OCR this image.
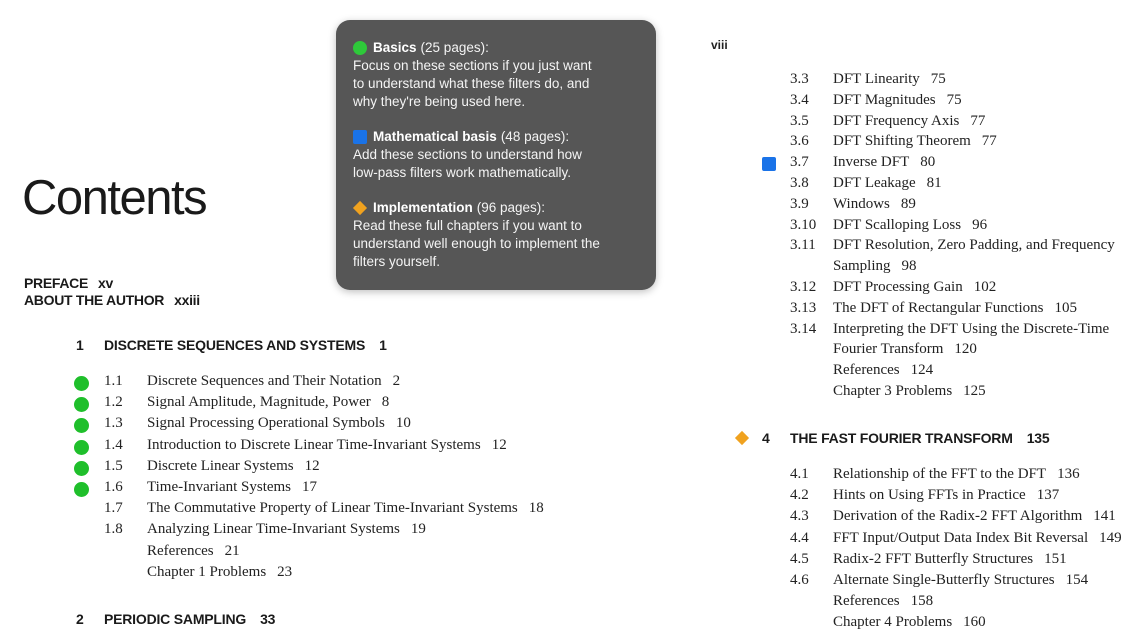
Contents
PREFACE xv
ABOUT THE AUTHOR xxiii
1 DISCRETE SEQUENCES AND SYSTEMS 1
1.1 Discrete Sequences and Their Notation 2
1.2 Signal Amplitude, Magnitude, Power 8
1.3 Signal Processing Operational Symbols 10
1.4 Introduction to Discrete Linear Time-Invariant Systems 12
1.5 Discrete Linear Systems 12
1.6 Time-Invariant Systems 17
1.7 The Commutative Property of Linear Time-Invariant Systems 18
1.8 Analyzing Linear Time-Invariant Systems 19
References 21
Chapter 1 Problems 23
2 PERIODIC SAMPLING 33
viii
3.3 DFT Linearity 75
3.4 DFT Magnitudes 75
3.5 DFT Frequency Axis 77
3.6 DFT Shifting Theorem 77
3.7 Inverse DFT 80
3.8 DFT Leakage 81
3.9 Windows 89
3.10 DFT Scalloping Loss 96
3.11 DFT Resolution, Zero Padding, and Frequency
Sampling 98
3.12 DFT Processing Gain 102
3.13 The DFT of Rectangular Functions 105
3.14 Interpreting the DFT Using the Discrete-Time
Fourier Transform 120
References 124
Chapter 3 Problems 125
4 THE FAST FOURIER TRANSFORM 135
4.1 Relationship of the FFT to the DFT 136
4.2 Hints on Using FFTs in Practice 137
4.3 Derivation of the Radix-2 FFT Algorithm 141
4.4 FFT Input/Output Data Index Bit Reversal 149
4.5 Radix-2 FFT Butterfly Structures 151
4.6 Alternate Single-Butterfly Structures 154
References 158
Chapter 4 Problems 160
Basics (25 pages):
Focus on these sections if you just want
to understand what these filters do, and
why they're being used here.
Mathematical basis (48 pages):
Add these sections to understand how
low-pass filters work mathematically.
Implementation (96 pages):
Read these full chapters if you want to
understand well enough to implement the
filters yourself.
